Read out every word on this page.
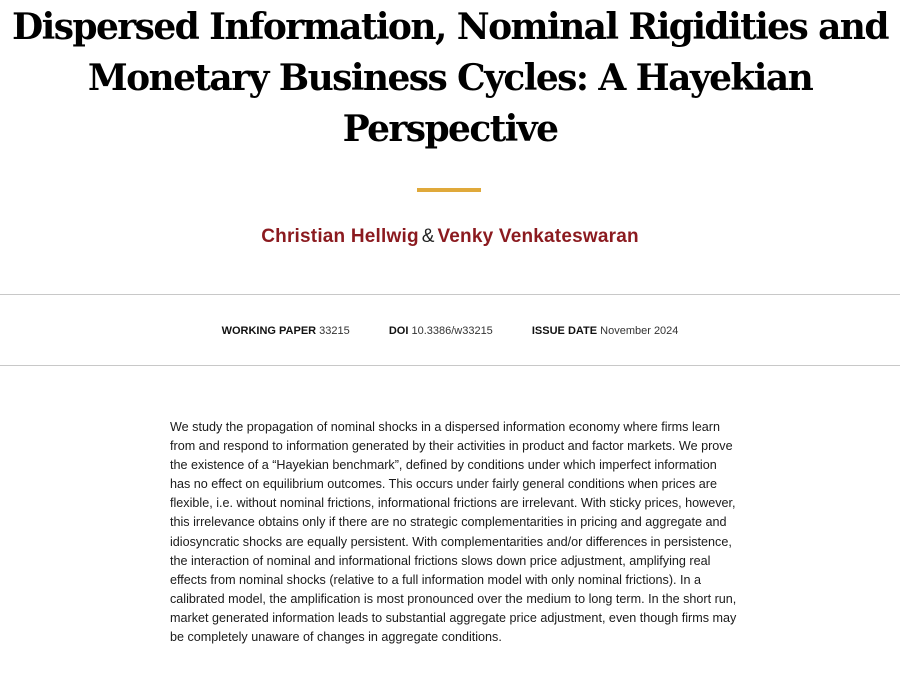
Dispersed Information, Nominal Rigidities and Monetary Business Cycles: A Hayekian Perspective
Christian Hellwig & Venky Venkateswaran
WORKING PAPER 33215	DOI 10.3386/w33215	ISSUE DATE November 2024

We study the propagation of nominal shocks in a dispersed information economy where firms learn from and respond to information generated by their activities in product and factor markets. We prove the existence of a “Hayekian benchmark”, defined by conditions under which imperfect information has no effect on equilibrium outcomes. This occurs under fairly general conditions when prices are flexible, i.e. without nominal frictions, informational frictions are irrelevant. With sticky prices, however, this irrelevance obtains only if there are no strategic complementarities in pricing and aggregate and idiosyncratic shocks are equally persistent. With complementarities and/or differences in persistence, the interaction of nominal and informational frictions slows down price adjustment, amplifying real effects from nominal shocks (relative to a full information model with only nominal frictions). In a calibrated model, the amplification is most pronounced over the medium to long term. In the short run, market generated information leads to substantial aggregate price adjustment, even though firms may be completely unaware of changes in aggregate conditions.
